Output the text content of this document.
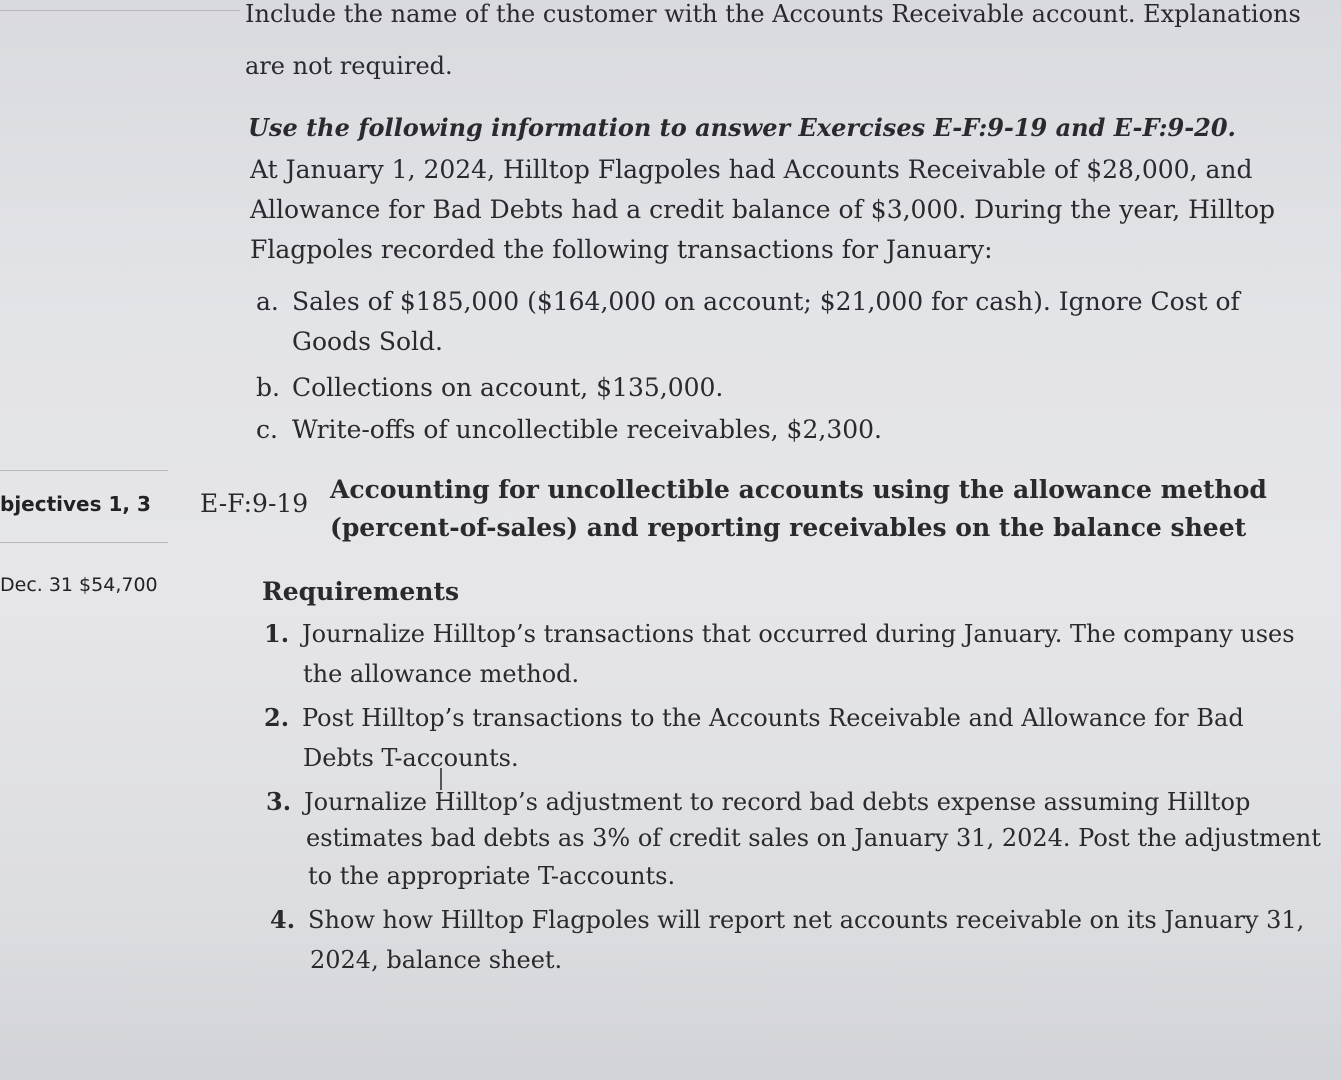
Include the name of the customer with the Accounts Receivable account. Explanations
are not required.
Use the following information to answer Exercises E-F:9-19 and E-F:9-20.
At January 1, 2024, Hilltop Flagpoles had Accounts Receivable of $28,000, and
Allowance for Bad Debts had a credit balance of $3,000. During the year, Hilltop
Flagpoles recorded the following transactions for January:
a. Sales of $185,000 ($164,000 on account; $21,000 for cash). Ignore Cost of
Goods Sold.
b. Collections on account, $135,000.
c. Write-offs of uncollectible receivables, $2,300.
bjectives 1, 3
Dec. 31 $54,700
E-F:9-19 Accounting for uncollectible accounts using the allowance method
(percent-of-sales) and reporting receivables on the balance sheet
Requirements
1. Journalize Hilltop’s transactions that occurred during January. The company uses
the allowance method.
2. Post Hilltop’s transactions to the Accounts Receivable and Allowance for Bad
Debts T-accounts.
3. Journalize Hilltop’s adjustment to record bad debts expense assuming Hilltop
estimates bad debts as 3% of credit sales on January 31, 2024. Post the adjustment
to the appropriate T-accounts.
4. Show how Hilltop Flagpoles will report net accounts receivable on its January 31,
2024, balance sheet.
